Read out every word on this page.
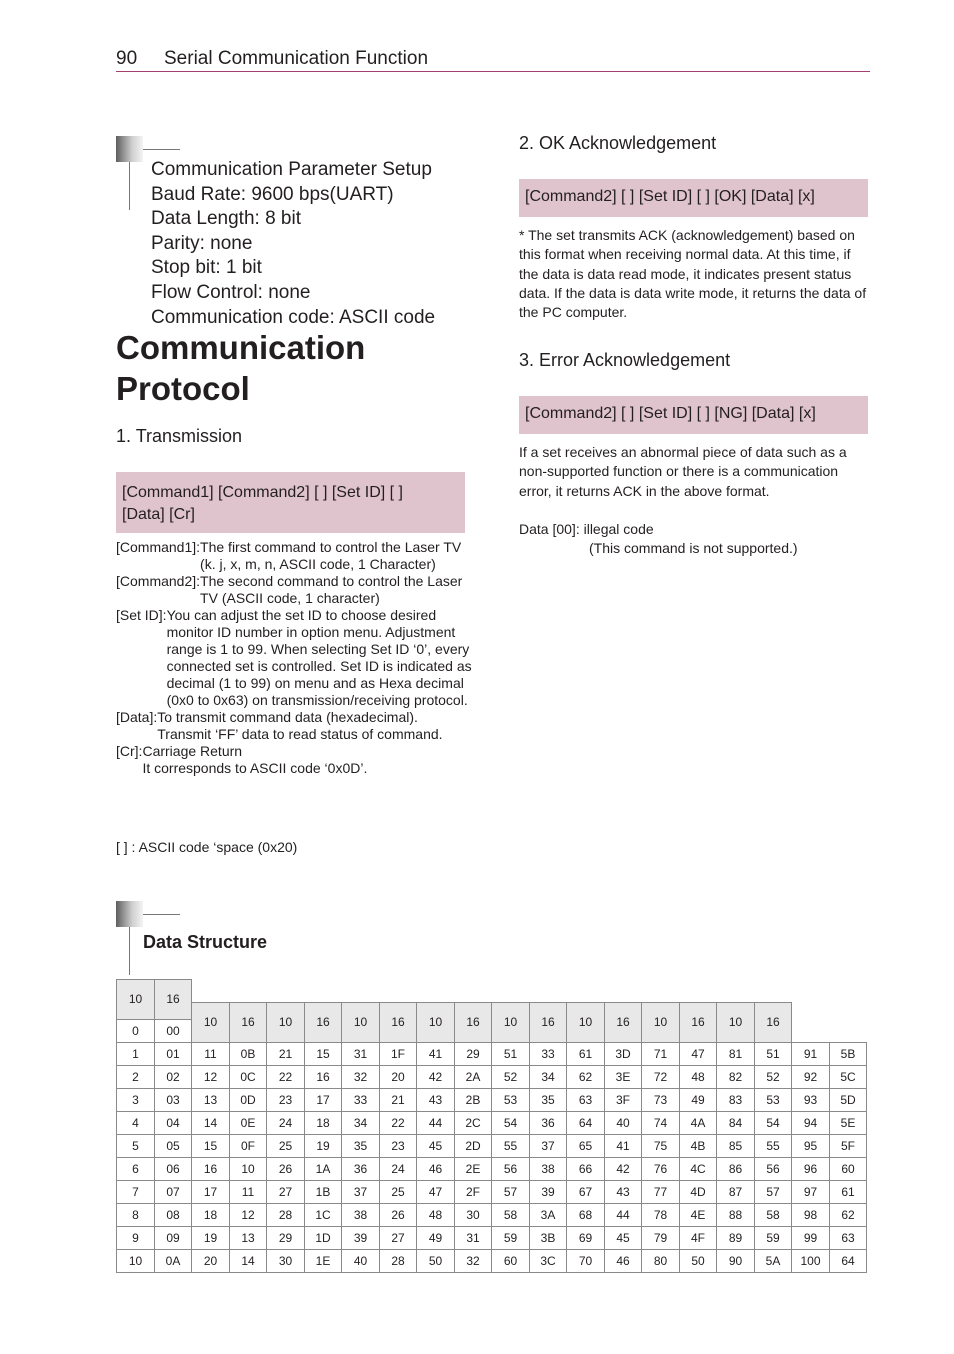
90 Serial Communication Function
Communication Parameter Setup
Baud Rate: 9600 bps(UART)
Data Length: 8 bit
Parity: none
Stop bit: 1 bit
Flow Control: none
Communication code: ASCII code
Communication
Protocol
1. Transmission
[Command1] [Command2] [ ] [Set ID] [ ]
[Data] [Cr]
[Command1]: The first command to control the Laser TV (k. j, x, m, n, ASCII code, 1 Character)
[Command2]: The second command to control the Laser TV (ASCII code, 1 character)
[Set ID]: You can adjust the set ID to choose desired monitor ID number in option menu. Adjustment range is 1 to 99. When selecting Set ID ‘0’, every connected set is controlled. Set ID is indicated as decimal (1 to 99) on menu and as Hexa decimal (0x0 to 0x63) on transmission/receiving protocol.
[Data]: To transmit command data (hexadecimal). Transmit ‘FF’ data to read status of command.
[Cr]: Carriage Return
It corresponds to ASCII code ‘0x0D’.
[ ] : ASCII code ‘space (0x20)
2. OK Acknowledgement
[Command2] [ ] [Set ID] [ ] [OK] [Data] [x]
* The set transmits ACK (acknowledgement) based on this format when receiving normal data. At this time, if the data is data read mode, it indicates present status data. If the data is data write mode, it returns the data of the PC computer.
3. Error Acknowledgement
[Command2] [ ] [Set ID] [ ] [NG] [Data] [x]
If a set receives an abnormal piece of data such as a non-supported function or there is a communication error, it returns ACK in the above format.
Data [00]: illegal code
(This command is not supported.)
Data Structure
10	16																		
		10	16	10	16	10	16	10	16	10	16	10	16	10	16	10	16		
0	00																		
1	01	11	0B	21	15	31	1F	41	29	51	33	61	3D	71	47	81	51	91	5B
2	02	12	0C	22	16	32	20	42	2A	52	34	62	3E	72	48	82	52	92	5C
3	03	13	0D	23	17	33	21	43	2B	53	35	63	3F	73	49	83	53	93	5D
4	04	14	0E	24	18	34	22	44	2C	54	36	64	40	74	4A	84	54	94	5E
5	05	15	0F	25	19	35	23	45	2D	55	37	65	41	75	4B	85	55	95	5F
6	06	16	10	26	1A	36	24	46	2E	56	38	66	42	76	4C	86	56	96	60
7	07	17	11	27	1B	37	25	47	2F	57	39	67	43	77	4D	87	57	97	61
8	08	18	12	28	1C	38	26	48	30	58	3A	68	44	78	4E	88	58	98	62
9	09	19	13	29	1D	39	27	49	31	59	3B	69	45	79	4F	89	59	99	63
10	0A	20	14	30	1E	40	28	50	32	60	3C	70	46	80	50	90	5A	100	64
